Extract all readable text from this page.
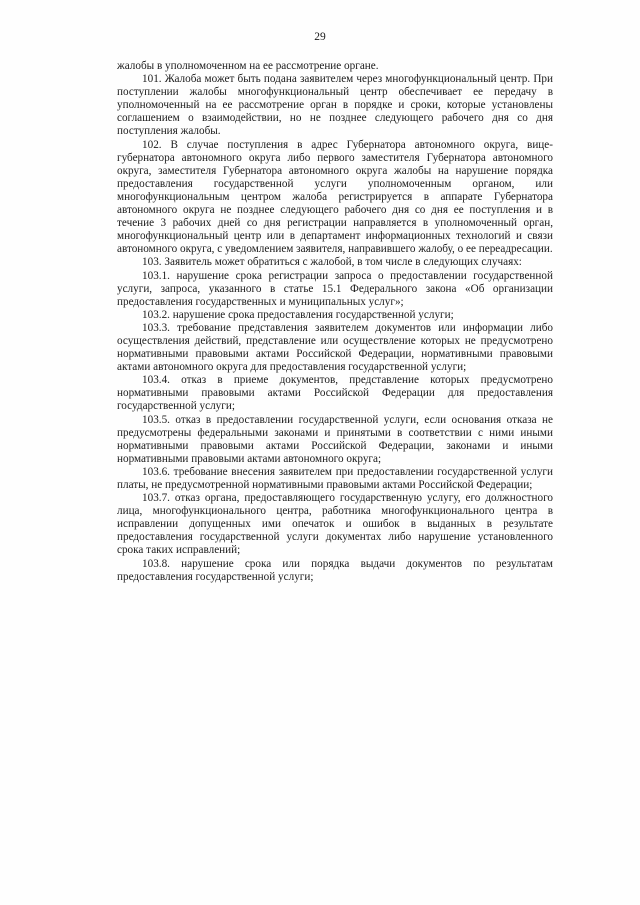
29

жалобы в уполномоченном на ее рассмотрение органе.

101. Жалоба может быть подана заявителем через многофункциональный центр. При поступлении жалобы многофункциональный центр обеспечивает ее передачу в уполномоченный на ее рассмотрение орган в порядке и сроки, которые установлены соглашением о взаимодействии, но не позднее следующего рабочего дня со дня поступления жалобы.

102. В случае поступления в адрес Губернатора автономного округа, вице-губернатора автономного округа либо первого заместителя Губернатора автономного округа, заместителя Губернатора автономного округа жалобы на нарушение порядка предоставления государственной услуги уполномоченным органом, или многофункциональным центром жалоба регистрируется в аппарате Губернатора автономного округа не позднее следующего рабочего дня со дня ее поступления и в течение 3 рабочих дней со дня регистрации направляется в уполномоченный орган, многофункциональный центр или в департамент информационных технологий и связи автономного округа, с уведомлением заявителя, направившего жалобу, о ее переадресации.

103. Заявитель может обратиться с жалобой, в том числе в следующих случаях:

103.1. нарушение срока регистрации запроса о предоставлении государственной услуги, запроса, указанного в статье 15.1 Федерального закона «Об организации предоставления государственных и муниципальных услуг»;

103.2. нарушение срока предоставления государственной услуги;

103.3. требование представления заявителем документов или информации либо осуществления действий, представление или осуществление которых не предусмотрено нормативными правовыми актами Российской Федерации, нормативными правовыми актами автономного округа для предоставления государственной услуги;

103.4. отказ в приеме документов, представление которых предусмотрено нормативными правовыми актами Российской Федерации для предоставления государственной услуги;

103.5. отказ в предоставлении государственной услуги, если основания отказа не предусмотрены федеральными законами и принятыми в соответствии с ними иными нормативными правовыми актами Российской Федерации, законами и иными нормативными правовыми актами автономного округа;

103.6. требование внесения заявителем при предоставлении государственной услуги платы, не предусмотренной нормативными правовыми актами Российской Федерации;

103.7. отказ органа, предоставляющего государственную услугу, его должностного лица, многофункционального центра, работника многофункционального центра в исправлении допущенных ими опечаток и ошибок в выданных в результате предоставления государственной услуги документах либо нарушение установленного срока таких исправлений;

103.8. нарушение срока или порядка выдачи документов по результатам предоставления государственной услуги;
